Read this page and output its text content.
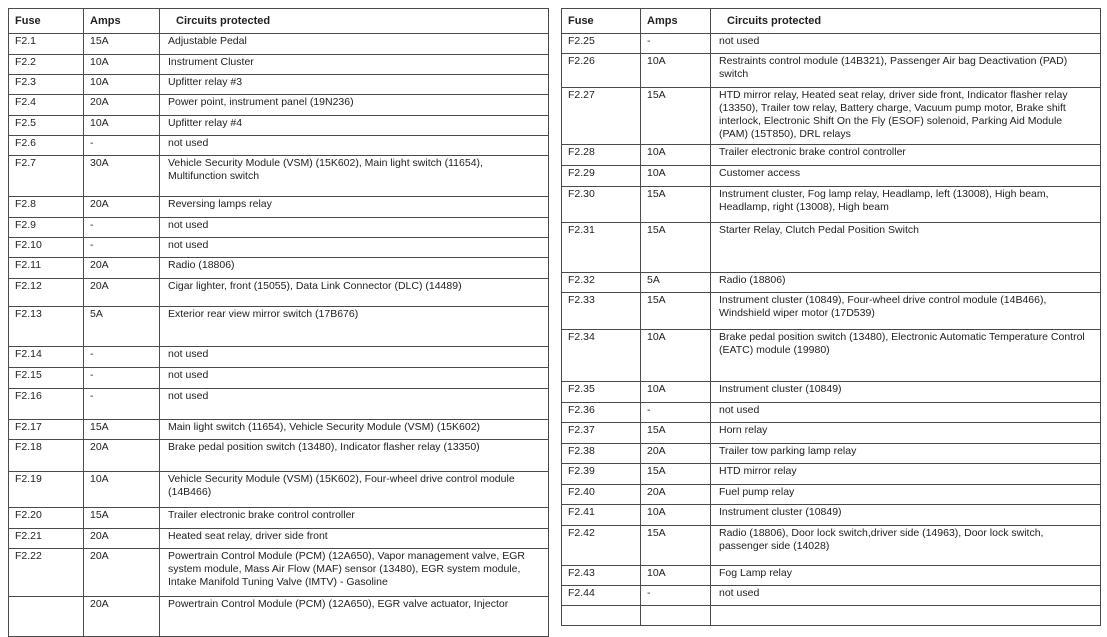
Fuse	Amps	Circuits protected
F2.1	15A	Adjustable Pedal
F2.2	10A	Instrument Cluster
F2.3	10A	Upfitter relay #3
F2.4	20A	Power point, instrument panel (19N236)
F2.5	10A	Upfitter relay #4
F2.6	-	not used
F2.7	30A	Vehicle Security Module (VSM) (15K602), Main light switch (11654), Multifunction switch
F2.8	20A	Reversing lamps relay
F2.9	-	not used
F2.10	-	not used
F2.11	20A	Radio (18806)
F2.12	20A	Cigar lighter, front (15055), Data Link Connector (DLC) (14489)
F2.13	5A	Exterior rear view mirror switch (17B676)
F2.14	-	not used
F2.15	-	not used
F2.16	-	not used
F2.17	15A	Main light switch (11654), Vehicle Security Module (VSM) (15K602)
F2.18	20A	Brake pedal position switch (13480), Indicator flasher relay (13350)
F2.19	10A	Vehicle Security Module (VSM) (15K602), Four-wheel drive control module (14B466)
F2.20	15A	Trailer electronic brake control controller
F2.21	20A	Heated seat relay, driver side front
F2.22	20A	Powertrain Control Module (PCM) (12A650), Vapor management valve, EGR system module, Mass Air Flow (MAF) sensor (13480), EGR system module, Intake Manifold Tuning Valve (IMTV) - Gasoline
	20A	Powertrain Control Module (PCM) (12A650), EGR valve actuator, Injector
Fuse	Amps	Circuits protected
F2.25	-	not used
F2.26	10A	Restraints control module (14B321), Passenger Air bag Deactivation (PAD) switch
F2.27	15A	HTD mirror relay, Heated seat relay, driver side front, Indicator flasher relay (13350), Trailer tow relay, Battery charge, Vacuum pump motor, Brake shift interlock, Electronic Shift On the Fly (ESOF) solenoid, Parking Aid Module (PAM) (15T850), DRL relays
F2.28	10A	Trailer electronic brake control controller
F2.29	10A	Customer access
F2.30	15A	Instrument cluster, Fog lamp relay, Headlamp, left (13008), High beam, Headlamp, right (13008), High beam
F2.31	15A	Starter Relay, Clutch Pedal Position Switch
F2.32	5A	Radio (18806)
F2.33	15A	Instrument cluster (10849), Four-wheel drive control module (14B466), Windshield wiper motor (17D539)
F2.34	10A	Brake pedal position switch (13480), Electronic Automatic Temperature Control (EATC) module (19980)
F2.35	10A	Instrument cluster (10849)
F2.36	-	not used
F2.37	15A	Horn relay
F2.38	20A	Trailer tow parking lamp relay
F2.39	15A	HTD mirror relay
F2.40	20A	Fuel pump relay
F2.41	10A	Instrument cluster (10849)
F2.42	15A	Radio (18806), Door lock switch,driver side (14963), Door lock switch, passenger side (14028)
F2.43	10A	Fog Lamp relay
F2.44	-	not used
